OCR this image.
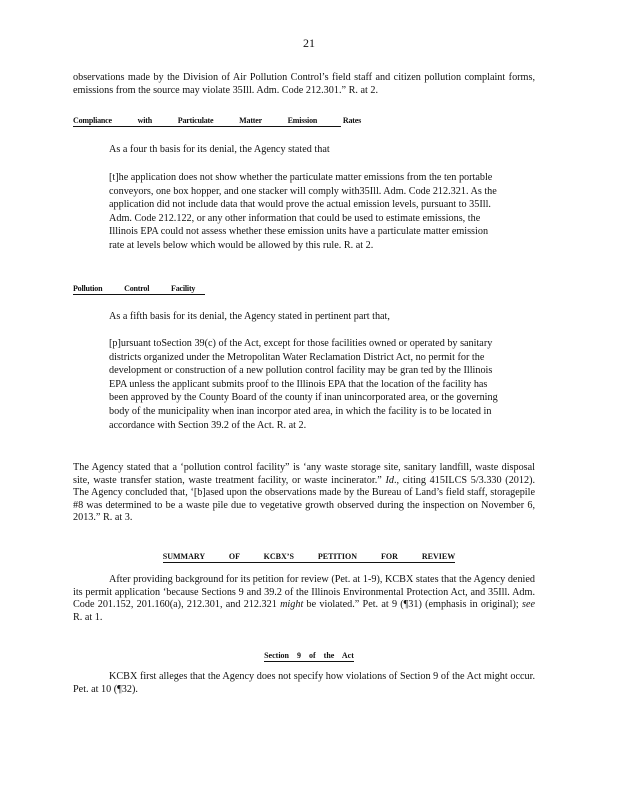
21

observations made by the Division of Air Pollution Control’s field staff and citizen pollution complaint forms, emissions from the source may violate 35Ill. Adm. Code 212.301.” R. at 2.

Compliance with Particulate Matter Emission Rates

As a four th basis for its denial, the Agency stated that

[t]he application does not show whether the particulate matter emissions from the ten portable conveyors, one box hopper, and one stacker will comply with35Ill. Adm. Code 212.321. As the application did not include data that would prove the actual emission levels, pursuant to 35Ill. Adm. Code 212.122, or any other information that could be used to estimate emissions, the Illinois EPA could not assess whether these emission units have a particulate matter emission rate at levels below which would be allowed by this rule. R. at 2.

Pollution Control Facility

As a fifth basis for its denial, the Agency stated in pertinent part that,

[p]ursuant toSection 39(c) of the Act, except for those facilities owned or operated by sanitary districts organized under the Metropolitan Water Reclamation District Act, no permit for the development or construction of a new pollution control facility may be gran ted by the Illinois EPA unless the applicant submits proof to the Illinois EPA that the location of the facility has been approved by the County Board of the county if inan unincorporated area, or the governing body of the municipality when inan incorpor ated area, in which the facility is to be located in accordance with Section 39.2 of the Act. R. at 2.

The Agency stated that a ‘pollution control facility” is ‘any waste storage site, sanitary landfill, waste disposal site, waste transfer station, waste treatment facility, or waste incinerator.” Id., citing 415ILCS 5/3.330 (2012). The Agency concluded that, ‘[b]ased upon the observations made by the Bureau of Land’s field staff, storagepile #8 was determined to be a waste pile due to vegetative growth observed during the inspection on November 6, 2013.” R. at 3.

SUMMARY OF KCBX’S PETITION FOR REVIEW

After providing background for its petition for review (Pet. at 1-9), KCBX states that the Agency denied its permit application ‘because Sections 9 and 39.2 of the Illinois Environmental Protection Act, and 35Ill. Adm. Code 201.152, 201.160(a), 212.301, and 212.321 might be violated.” Pet. at 9 (¶31) (emphasis in original); see R. at 1.

Section 9 of the Act

KCBX first alleges that the Agency does not specify how violations of Section 9 of the Act might occur. Pet. at 10 (¶32).
